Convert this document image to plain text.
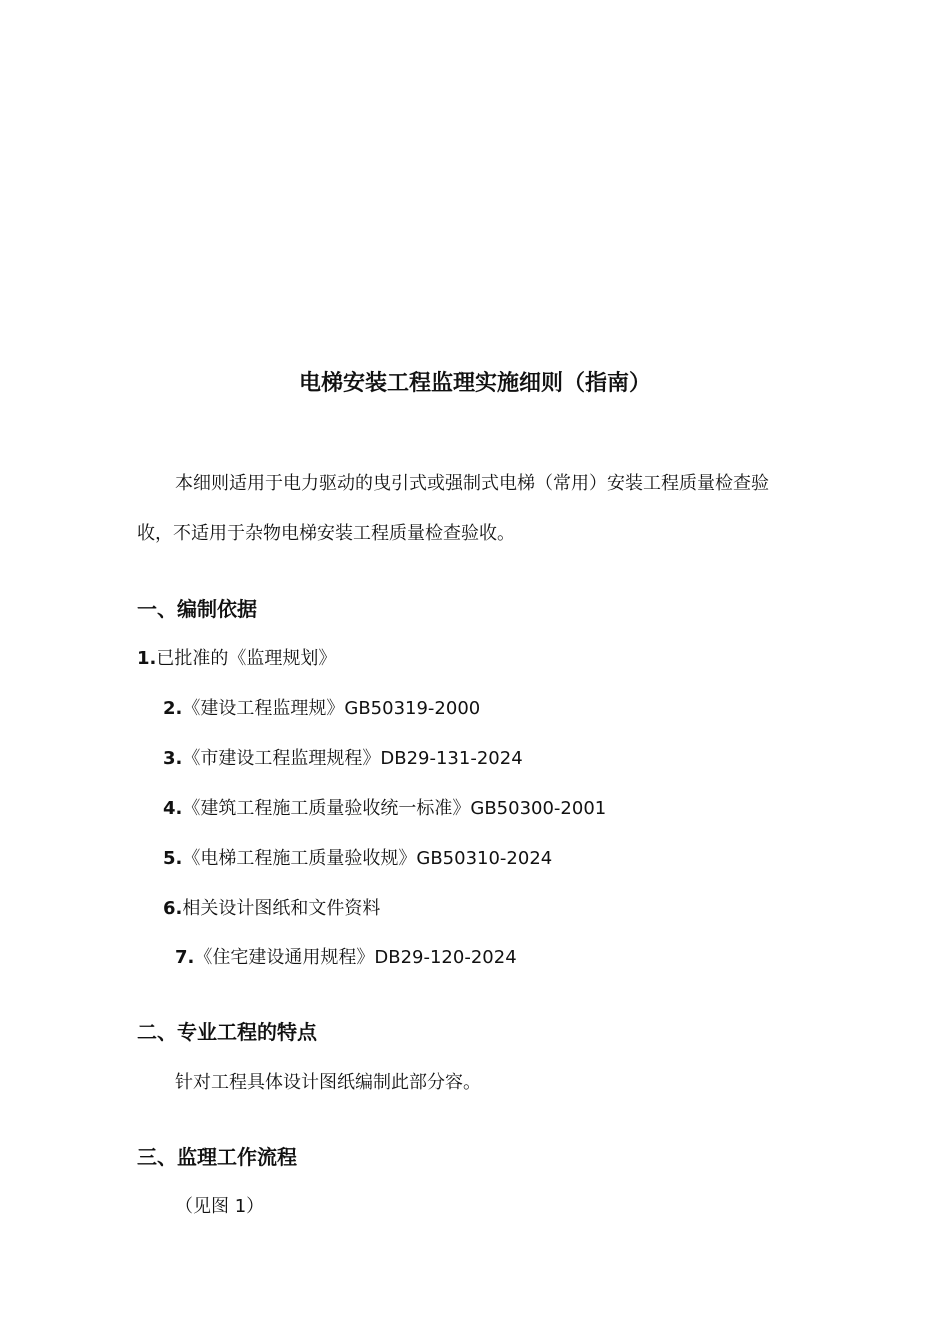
电梯安装工程监理实施细则（指南）
本细则适用于电力驱动的曳引式或强制式电梯（常用）安装工程质量检查验
收，不适用于杂物电梯安装工程质量检查验收。
一、编制依据
1.已批准的《监理规划》
2.《建设工程监理规》GB50319-2000
3.《市建设工程监理规程》DB29-131-2024
4.《建筑工程施工质量验收统一标准》GB50300-2001
5.《电梯工程施工质量验收规》GB50310-2024
6.相关设计图纸和文件资料
7.《住宅建设通用规程》DB29-120-2024
二、专业工程的特点
针对工程具体设计图纸编制此部分容。
三、监理工作流程
（见图 1）
